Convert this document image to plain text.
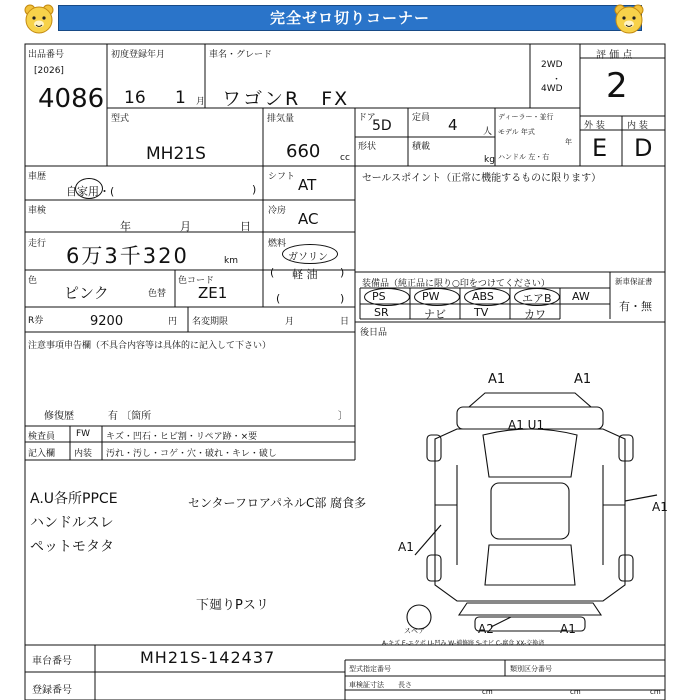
完全ゼロ切りコーナー
出品番号
[2026]
4086
初度登録年月
16 1 月
車名・グレード
ワゴンR　FX
2WD
・
4WD
評 価 点
2
外 装 内 装
E D
型式
MH21S
排気量
660 cc
ドア
5D 定員 4	人
形状	積載
kg
ディーラー・並行
モデル 年式
年
ハンドル 左・右
車歴
自家用・(	)
シフト AT	セールスポイント（正常に機能するものに限ります）
車検
年	月	日
冷房 AC
走行 6万3千320	km
燃料
ガソリン
軽 油
色
ピンク	色替
色コード
ZE1	(	)
(	)
装備品（純正品に限り○印をつけてください）
PS	PW	ABS	エアB AW
SR	ナビ	TV	カワ
新車保証書
有・無
R券	9200	円 名変期限	月	日
後日品
注意事項申告欄（不具合内容等は具体的に記入して下さい）
修復歴	有 〔箇所	〕
検査員 FW キズ・凹石・ヒビ割・リペア跡・×要
記入欄 内装 汚れ・汚し・コゲ・穴・破れ・キレ・破し
A.U各所PPCE
ハンドルスレ
ペットモタタ
センターフロアパネルC部 腐食多
下廻りPスリ
A1	A1
A1 U1
A1
A1
A2	A1
スペア
A-キズ E-エクボ U-凹み W-補修跡 S-サビ C-腐食 XX-交換済
車台番号	MH21S-142437
登録番号
型式指定番号	類別区分番号
車検証寸法 長さ
cm	cm	cm
